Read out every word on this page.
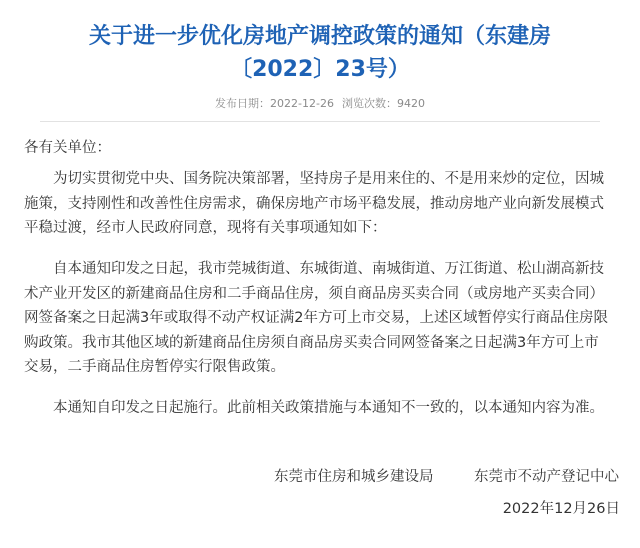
关于进一步优化房地产调控政策的通知（东建房
〔2022〕23号）
发布日期：2022-12-26 浏览次数：9420
各有关单位：
为切实贯彻党中央、国务院决策部署，坚持房子是用来住的、不是用来炒的定位，因城
施策，支持刚性和改善性住房需求，确保房地产市场平稳发展，推动房地产业向新发展模式
平稳过渡，经市人民政府同意，现将有关事项通知如下：
自本通知印发之日起，我市莞城街道、东城街道、南城街道、万江街道、松山湖高新技
术产业开发区的新建商品住房和二手商品住房，须自商品房买卖合同（或房地产买卖合同）
网签备案之日起满3年或取得不动产权证满2年方可上市交易，上述区域暂停实行商品住房限
购政策。我市其他区域的新建商品住房须自商品房买卖合同网签备案之日起满3年方可上市
交易，二手商品住房暂停实行限售政策。
本通知自印发之日起施行。此前相关政策措施与本通知不一致的，以本通知内容为准。
东莞市住房和城乡建设局	东莞市不动产登记中心
2022年12月26日
